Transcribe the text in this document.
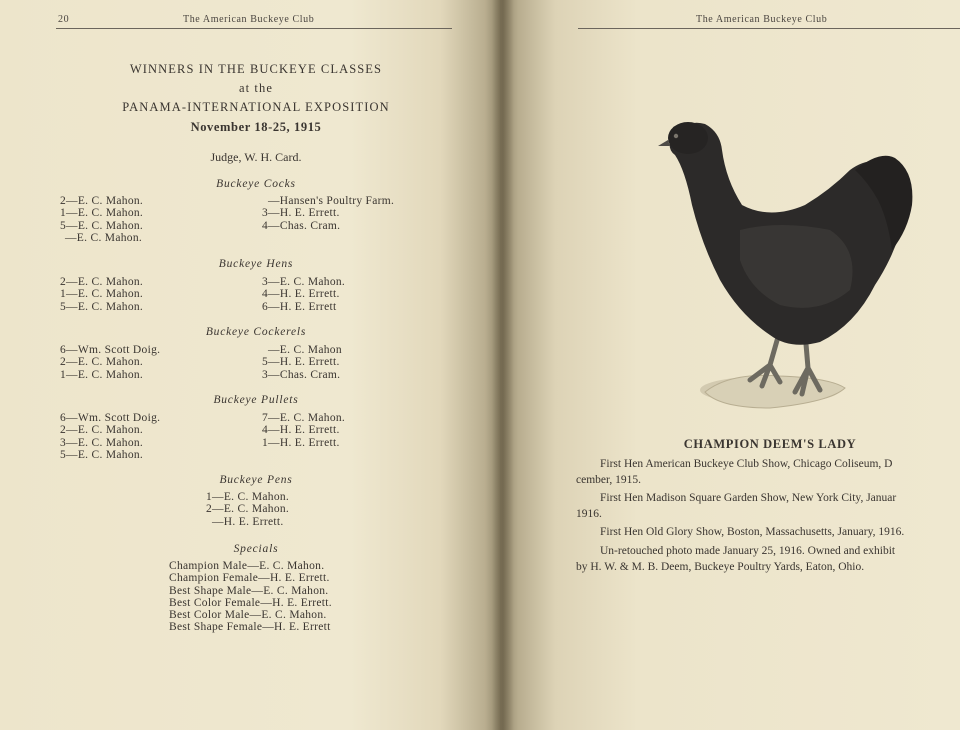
20	The American Buckeye Club
WINNERS IN THE BUCKEYE CLASSES
at the
PANAMA-INTERNATIONAL EXPOSITION
November 18-25, 1915
Judge, W. H. Card.
Buckeye Cocks
2—E. C. Mahon.
1—E. C. Mahon.
5—E. C. Mahon.
—E. C. Mahon.
—Hansen's Poultry Farm.
3—H. E. Errett.
4—Chas. Cram.
Buckeye Hens
2—E. C. Mahon.
1—E. C. Mahon.
5—E. C. Mahon.
3—E. C. Mahon.
4—H. E. Errett.
6—H. E. Errett
Buckeye Cockerels
6—Wm. Scott Doig.
2—E. C. Mahon.
1—E. C. Mahon.
—E. C. Mahon
5—H. E. Errett.
3—Chas. Cram.
Buckeye Pullets
6—Wm. Scott Doig.
2—E. C. Mahon.
3—E. C. Mahon.
5—E. C. Mahon.
7—E. C. Mahon.
4—H. E. Errett.
1—H. E. Errett.
Buckeye Pens
1—E. C. Mahon.
2—E. C. Mahon.
—H. E. Errett.
Specials
Champion Male—E. C. Mahon.
Champion Female—H. E. Errett.
Best Shape Male—E. C. Mahon.
Best Color Female—H. E. Errett.
Best Color Male—E. C. Mahon.
Best Shape Female—H. E. Errett
The American Buckeye Club
CHAMPION DEEM'S LADY
First Hen American Buckeye Club Show, Chicago Coliseum, D
cember, 1915.
First Hen Madison Square Garden Show, New York City, Januar
1916.
First Hen Old Glory Show, Boston, Massachusetts, January, 1916.
Un-retouched photo made January 25, 1916. Owned and exhibit
by H. W. & M. B. Deem, Buckeye Poultry Yards, Eaton, Ohio.
